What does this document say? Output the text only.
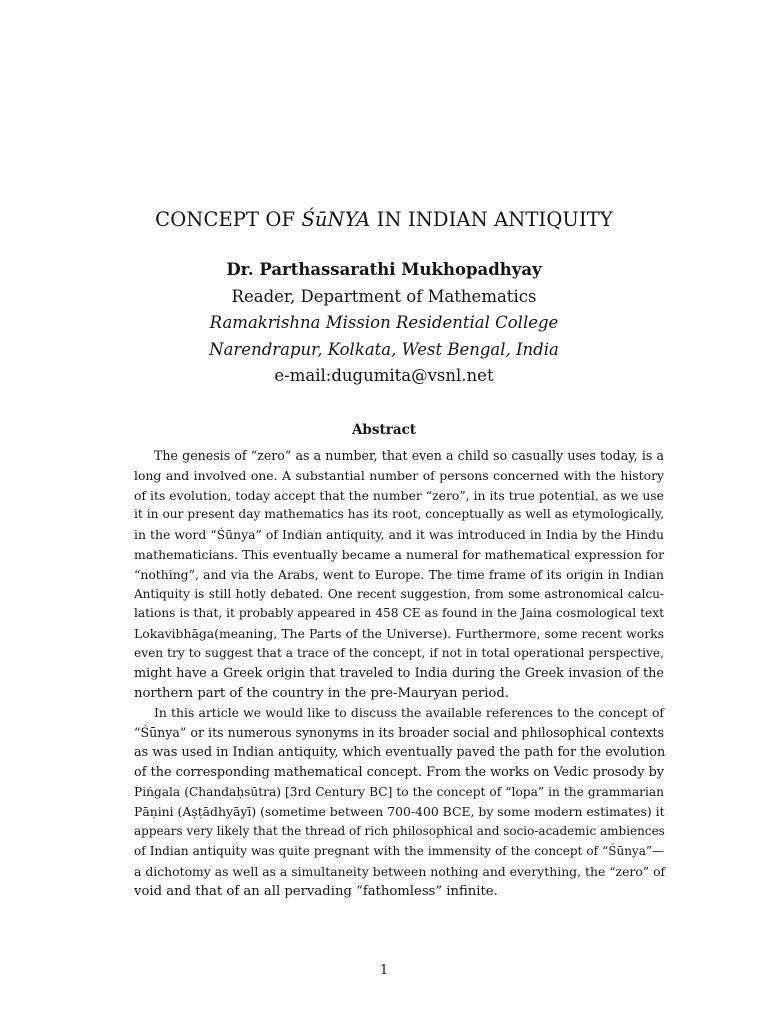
CONCEPT OF ŚūNYA IN INDIAN ANTIQUITY
Dr. Parthassarathi Mukhopadhyay
Reader, Department of Mathematics
Ramakrishna Mission Residential College
Narendrapur, Kolkata, West Bengal, India
e-mail:dugumita@vsnl.net
Abstract
The genesis of “zero” as a number, that even a child so casually uses today, is a
long and involved one. A substantial number of persons concerned with the history
of its evolution, today accept that the number “zero”, in its true potential, as we use
it in our present day mathematics has its root, conceptually as well as etymologically,
in the word “Śūnya” of Indian antiquity, and it was introduced in India by the Hindu
mathematicians. This eventually became a numeral for mathematical expression for
“nothing”, and via the Arabs, went to Europe. The time frame of its origin in Indian
Antiquity is still hotly debated. One recent suggestion, from some astronomical calcu-
lations is that, it probably appeared in 458 CE as found in the Jaina cosmological text
Lokavibhāga(meaning, The Parts of the Universe). Furthermore, some recent works
even try to suggest that a trace of the concept, if not in total operational perspective,
might have a Greek origin that traveled to India during the Greek invasion of the
northern part of the country in the pre-Mauryan period.
In this article we would like to discuss the available references to the concept of
“Śūnya” or its numerous synonyms in its broader social and philosophical contexts
as was used in Indian antiquity, which eventually paved the path for the evolution
of the corresponding mathematical concept. From the works on Vedic prosody by
Piṅgala (Chandaḥsūtra) [3rd Century BC] to the concept of “lopa” in the grammarian
Pāṇini (Aṣṭādhyāyī) (sometime between 700-400 BCE, by some modern estimates) it
appears very likely that the thread of rich philosophical and socio-academic ambiences
of Indian antiquity was quite pregnant with the immensity of the concept of “Śūnya”—
a dichotomy as well as a simultaneity between nothing and everything, the “zero” of
void and that of an all pervading “fathomless” infinite.
1
